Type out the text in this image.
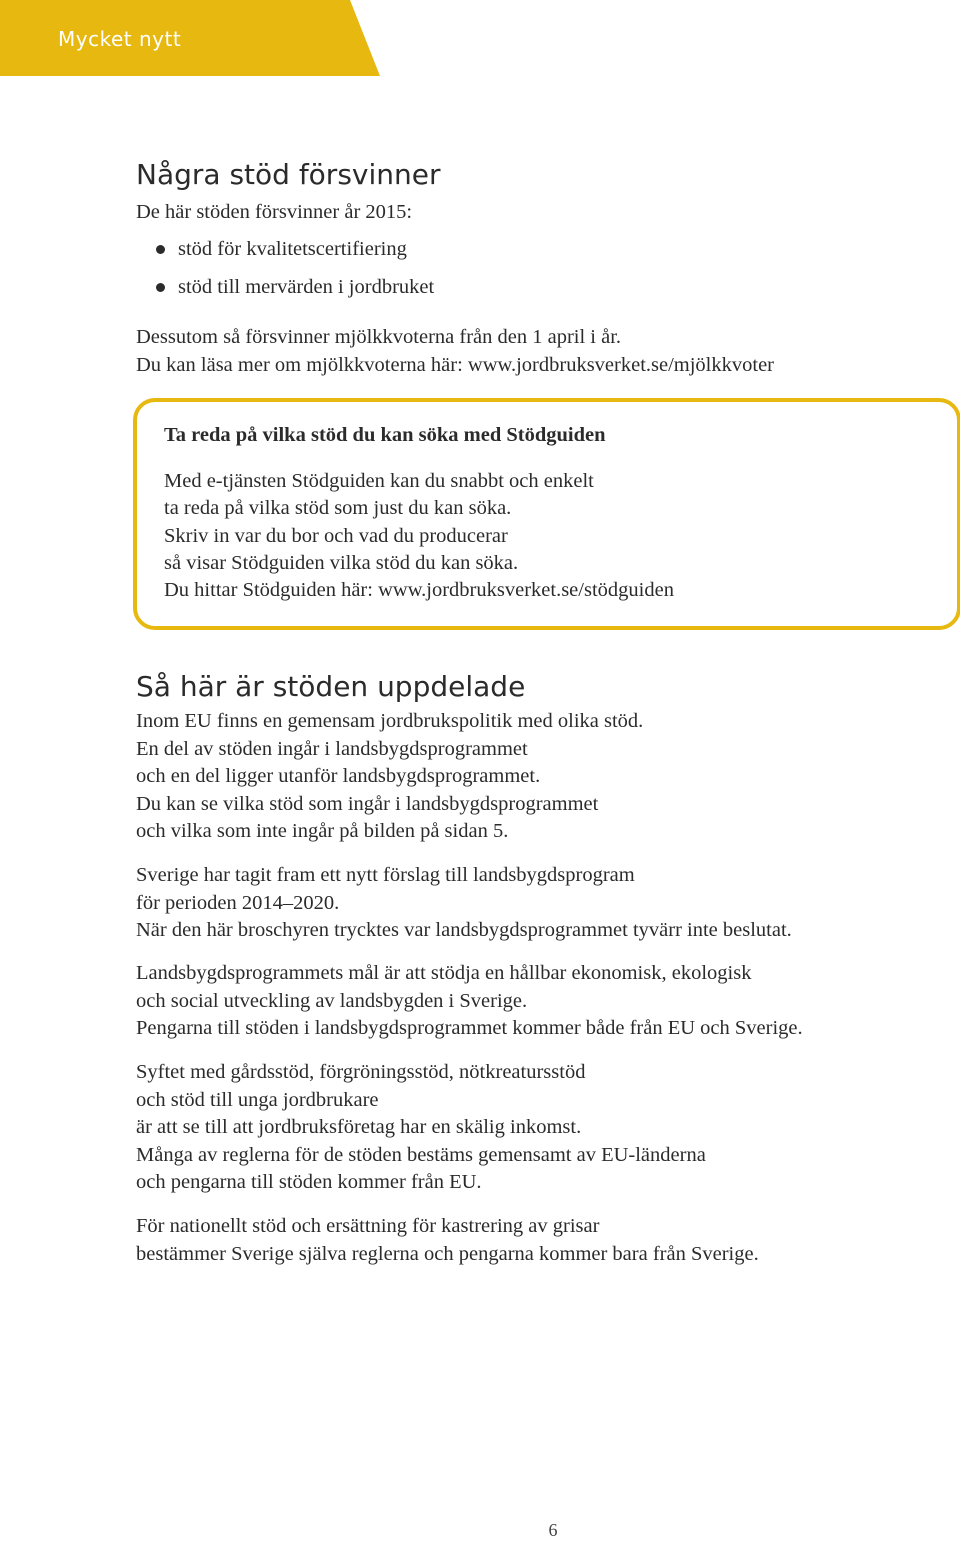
Mycket nytt
Några stöd försvinner
De här stöden försvinner år 2015:
stöd för kvalitetscertifiering
stöd till mervärden i jordbruket
Dessutom så försvinner mjölkkvoterna från den 1 april i år.
Du kan läsa mer om mjölkkvoterna här: www.jordbruksverket.se/mjölkkvoter
Ta reda på vilka stöd du kan söka med Stödguiden
Med e-tjänsten Stödguiden kan du snabbt och enkelt
ta reda på vilka stöd som just du kan söka.
Skriv in var du bor och vad du producerar
så visar Stödguiden vilka stöd du kan söka.
Du hittar Stödguiden här: www.jordbruksverket.se/stödguiden
Så här är stöden uppdelade
Inom EU finns en gemensam jordbrukspolitik med olika stöd.
En del av stöden ingår i landsbygdsprogrammet
och en del ligger utanför landsbygdsprogrammet.
Du kan se vilka stöd som ingår i landsbygdsprogrammet
och vilka som inte ingår på bilden på sidan 5.
Sverige har tagit fram ett nytt förslag till landsbygdsprogram
för perioden 2014–2020.
När den här broschyren trycktes var landsbygdsprogrammet tyvärr inte beslutat.
Landsbygdsprogrammets mål är att stödja en hållbar ekonomisk, ekologisk
och social utveckling av landsbygden i Sverige.
Pengarna till stöden i landsbygdsprogrammet kommer både från EU och Sverige.
Syftet med gårdsstöd, förgröningsstöd, nötkreatursstöd
och stöd till unga jordbrukare
är att se till att jordbruksföretag har en skälig inkomst.
Många av reglerna för de stöden bestäms gemensamt av EU-länderna
och pengarna till stöden kommer från EU.
För nationellt stöd och ersättning för kastrering av grisar
bestämmer Sverige själva reglerna och pengarna kommer bara från Sverige.
6
